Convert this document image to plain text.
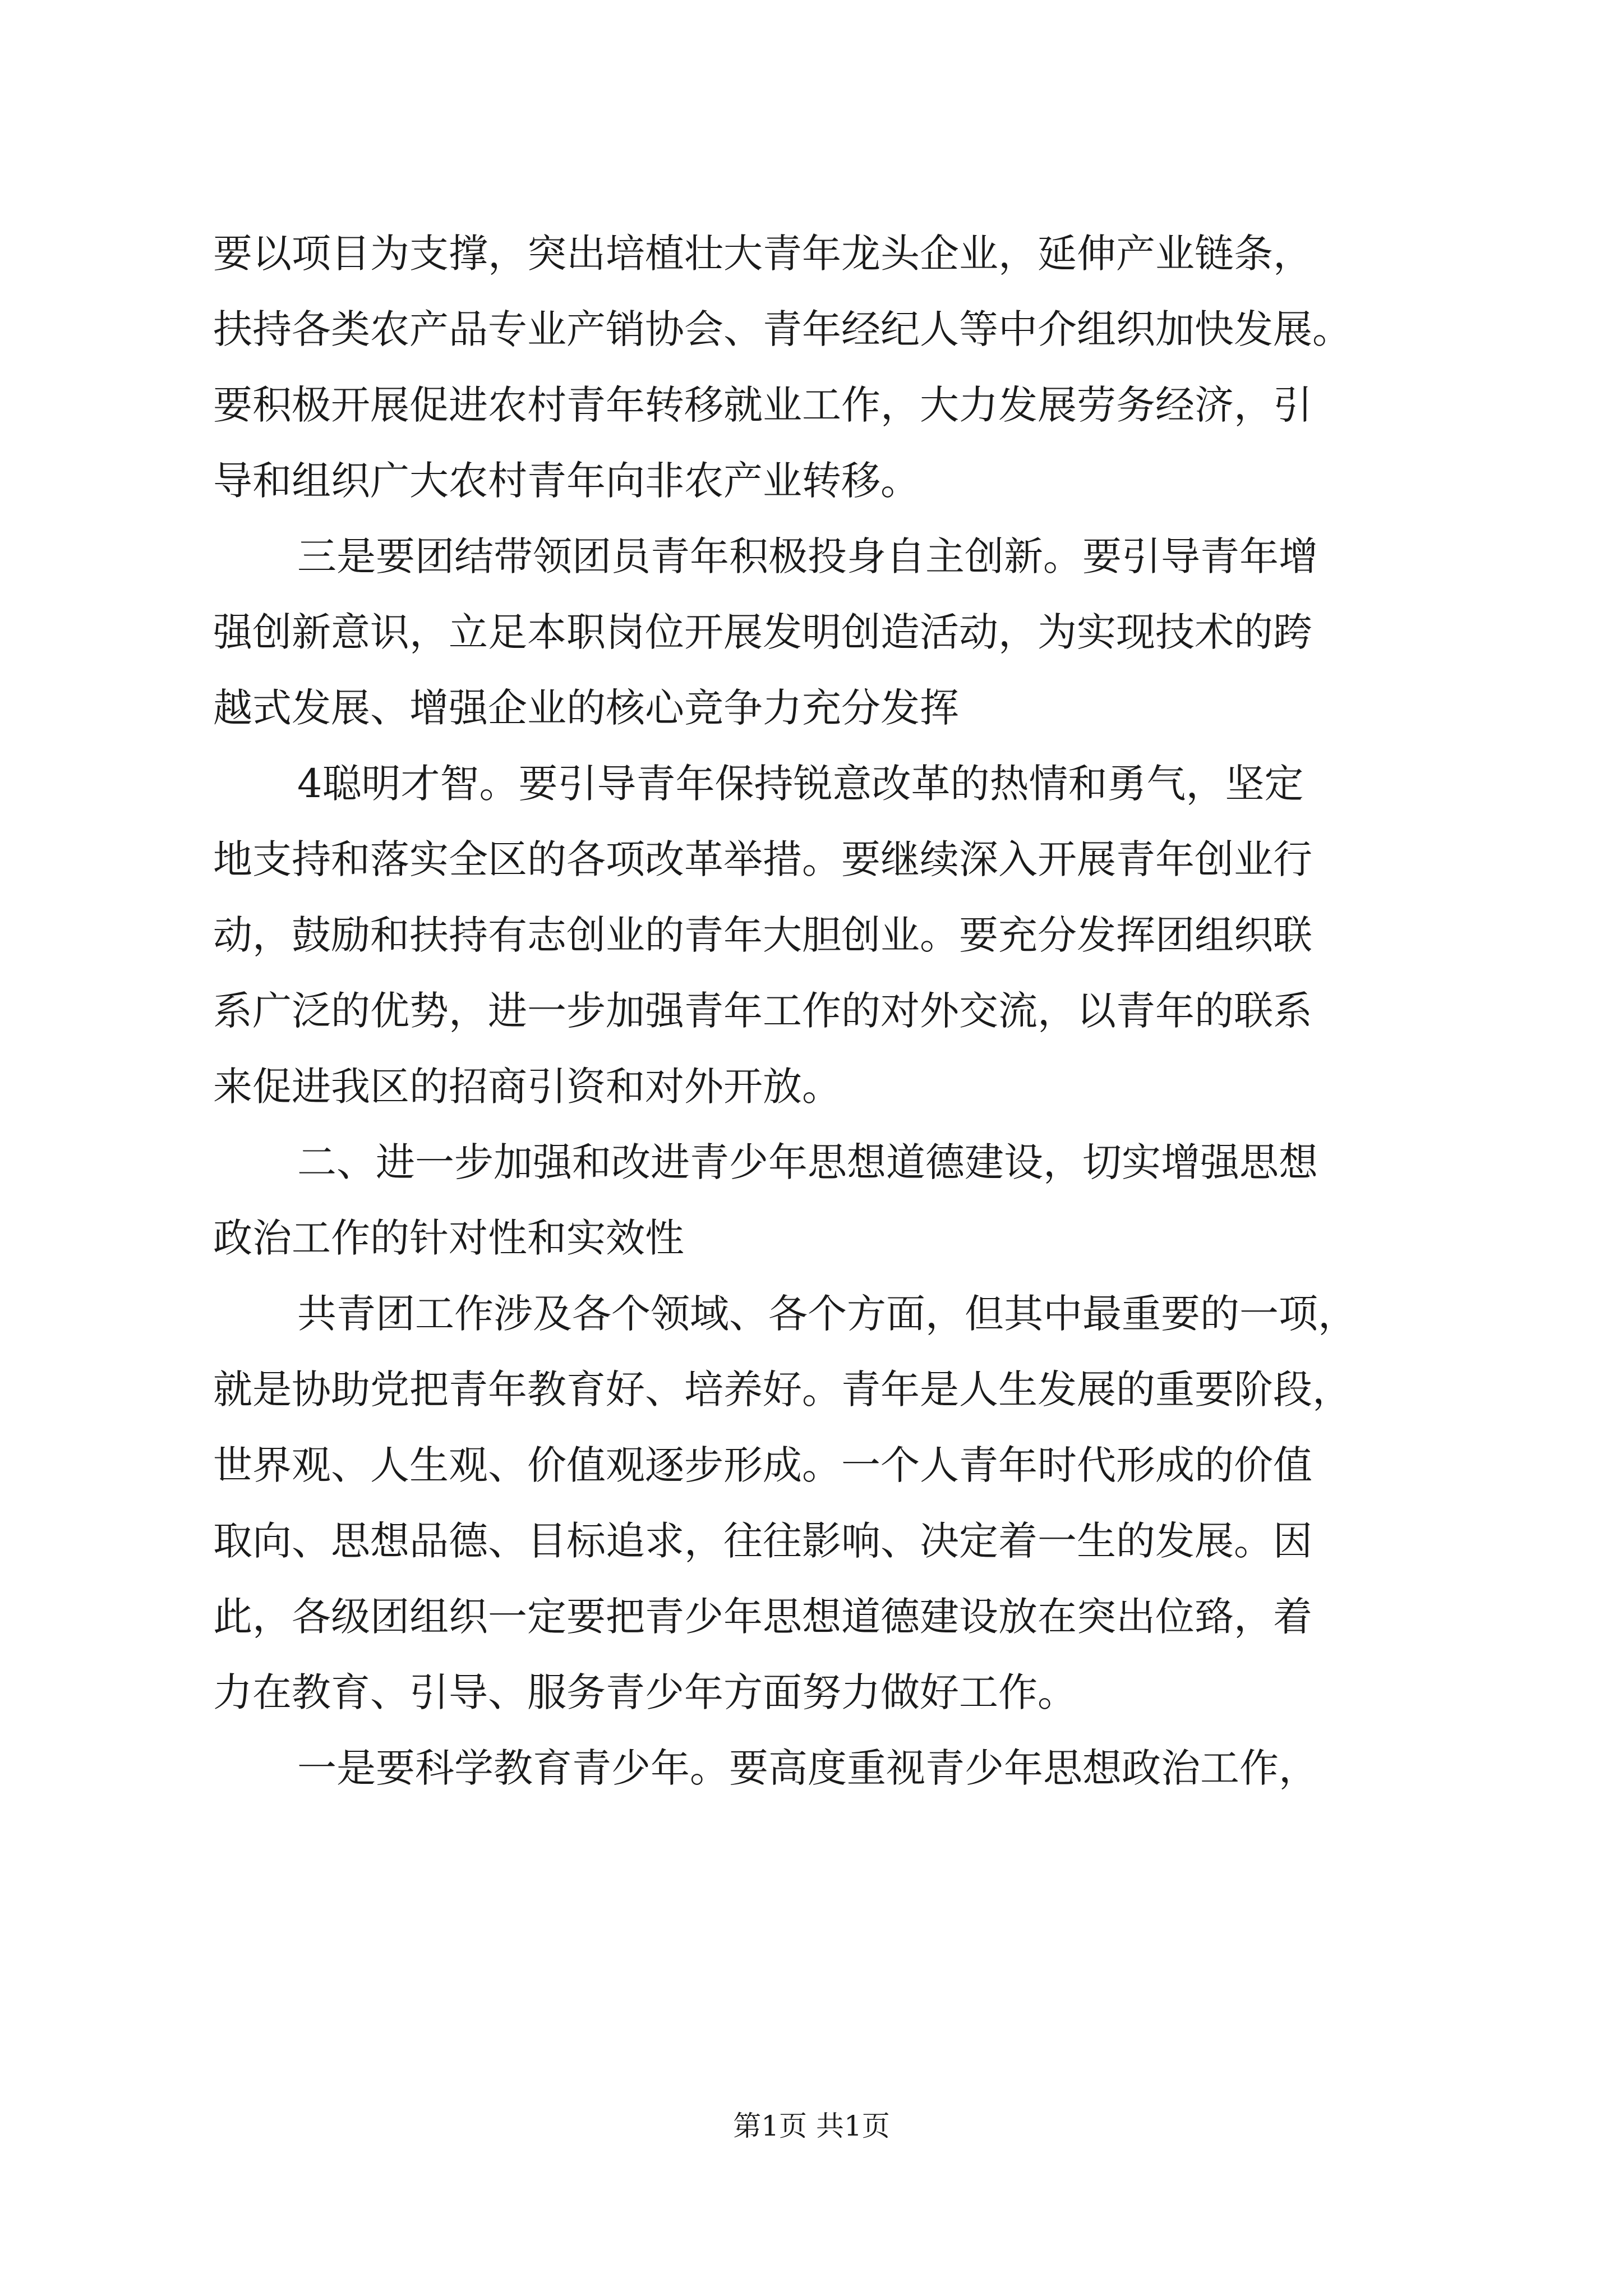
要以项目为支撑，突出培植壮大青年龙头企业，延伸产业链条，
扶持各类农产品专业产销协会、青年经纪人等中介组织加快发展。
要积极开展促进农村青年转移就业工作，大力发展劳务经济，引
导和组织广大农村青年向非农产业转移。
三是要团结带领团员青年积极投身自主创新。要引导青年增
强创新意识，立足本职岗位开展发明创造活动，为实现技术的跨
越式发展、增强企业的核心竞争力充分发挥
4聪明才智。要引导青年保持锐意改革的热情和勇气，坚定
地支持和落实全区的各项改革举措。要继续深入开展青年创业行
动，鼓励和扶持有志创业的青年大胆创业。要充分发挥团组织联
系广泛的优势，进一步加强青年工作的对外交流，以青年的联系
来促进我区的招商引资和对外开放。
二、进一步加强和改进青少年思想道德建设，切实增强思想
政治工作的针对性和实效性
共青团工作涉及各个领域、各个方面，但其中最重要的一项，
就是协助党把青年教育好、培养好。青年是人生发展的重要阶段，
世界观、人生观、价值观逐步形成。一个人青年时代形成的价值
取向、思想品德、目标追求，往往影响、决定着一生的发展。因
此，各级团组织一定要把青少年思想道德建设放在突出位臵，着
力在教育、引导、服务青少年方面努力做好工作。
一是要科学教育青少年。要高度重视青少年思想政治工作，
第1页 共1页
